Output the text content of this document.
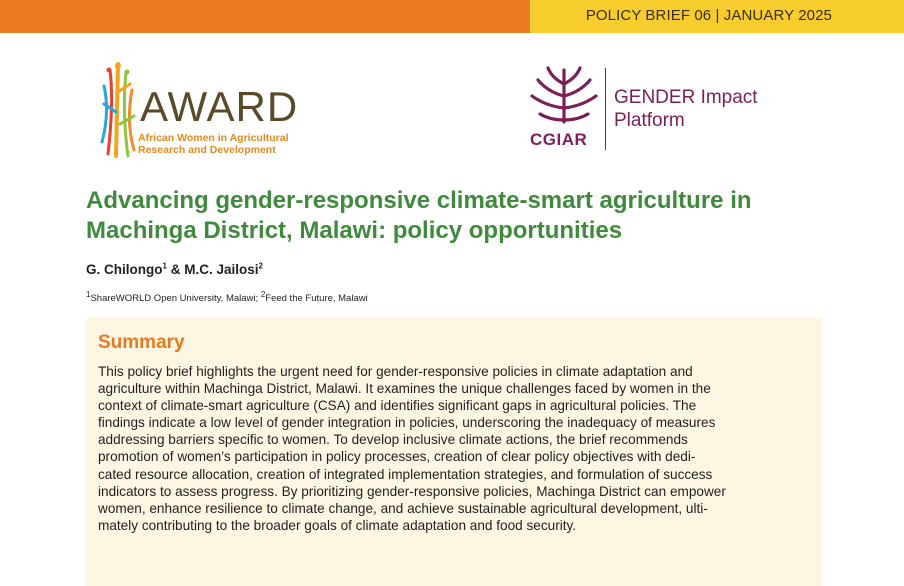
POLICY BRIEF 06 | JANUARY 2025
AWARD
African Women in Agricultural
Research and Development
CGIAR
GENDER Impact
Platform
Advancing gender-responsive climate-smart agriculture in
Machinga District, Malawi: policy opportunities
G. Chilongo$^1$ & M.C. Jailosi$^2$
$^1$ShareWORLD Open University, Malawi; $^2$Feed the Future, Malawi
Summary
This policy brief highlights the urgent need for gender-responsive policies in climate adaptation and
agriculture within Machinga District, Malawi. It examines the unique challenges faced by women in the
context of climate-smart agriculture (CSA) and identifies significant gaps in agricultural policies. The
findings indicate a low level of gender integration in policies, underscoring the inadequacy of measures
addressing barriers specific to women. To develop inclusive climate actions, the brief recommends
promotion of women’s participation in policy processes, creation of clear policy objectives with dedi-
cated resource allocation, creation of integrated implementation strategies, and formulation of success
indicators to assess progress. By prioritizing gender-responsive policies, Machinga District can empower
women, enhance resilience to climate change, and achieve sustainable agricultural development, ulti-
mately contributing to the broader goals of climate adaptation and food security.
